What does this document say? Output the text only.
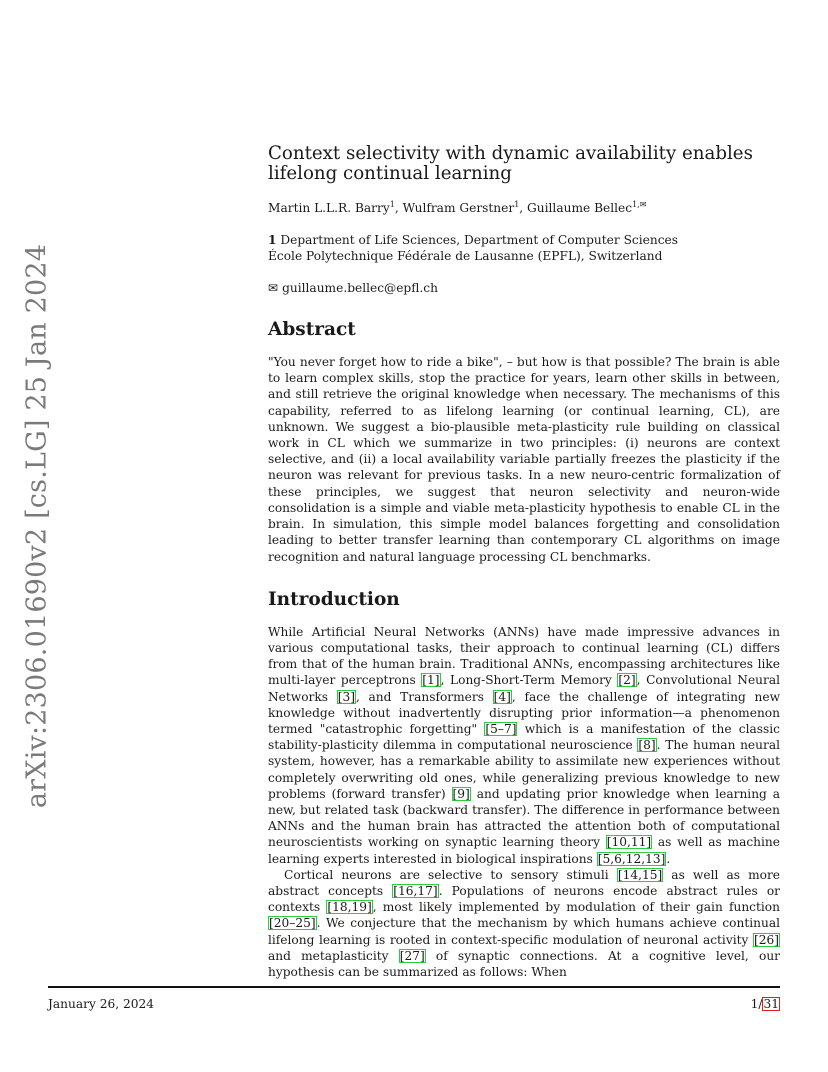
arXiv:2306.01690v2 [cs.LG] 25 Jan 2024
Context selectivity with dynamic availability enables lifelong continual learning
Martin L.L.R. Barry$^1$, Wulfram Gerstner$^1$, Guillaume Bellec$^{1,✉}$
1 Department of Life Sciences, Department of Computer Sciences
École Polytechnique Fédérale de Lausanne (EPFL), Switzerland
✉ guillaume.bellec@epfl.ch
Abstract

"You never forget how to ride a bike", – but how is that possible? The brain is able to learn complex skills, stop the practice for years, learn other skills in between, and still retrieve the original knowledge when necessary. The mechanisms of this capability, referred to as lifelong learning (or continual learning, CL), are unknown. We suggest a bio-plausible meta-plasticity rule building on classical work in CL which we summarize in two principles: (i) neurons are context selective, and (ii) a local availability variable partially freezes the plasticity if the neuron was relevant for previous tasks. In a new neuro-centric formalization of these principles, we suggest that neuron selectivity and neuron-wide consolidation is a simple and viable meta-plasticity hypothesis to enable CL in the brain. In simulation, this simple model balances forgetting and consolidation leading to better transfer learning than contemporary CL algorithms on image recognition and natural language processing CL benchmarks.

Introduction

While Artificial Neural Networks (ANNs) have made impressive advances in various computational tasks, their approach to continual learning (CL) differs from that of the human brain. Traditional ANNs, encompassing architectures like multi-layer perceptrons [1], Long-Short-Term Memory [2], Convolutional Neural Networks [3], and Transformers [4], face the challenge of integrating new knowledge without inadvertently disrupting prior information—a phenomenon termed "catastrophic forgetting" [5–7] which is a manifestation of the classic stability-plasticity dilemma in computational neuroscience [8]. The human neural system, however, has a remarkable ability to assimilate new experiences without completely overwriting old ones, while generalizing previous knowledge to new problems (forward transfer) [9] and updating prior knowledge when learning a new, but related task (backward transfer). The difference in performance between ANNs and the human brain has attracted the attention both of computational neuroscientists working on synaptic learning theory [10,11] as well as machine learning experts interested in biological inspirations [5,6,12,13].

Cortical neurons are selective to sensory stimuli [14,15] as well as more abstract concepts [16,17]. Populations of neurons encode abstract rules or contexts [18,19], most likely implemented by modulation of their gain function [20–25]. We conjecture that the mechanism by which humans achieve continual lifelong learning is rooted in context-specific modulation of neuronal activity [26] and metaplasticity [27] of synaptic connections. At a cognitive level, our hypothesis can be summarized as follows: When

January 26, 2024	1/31
